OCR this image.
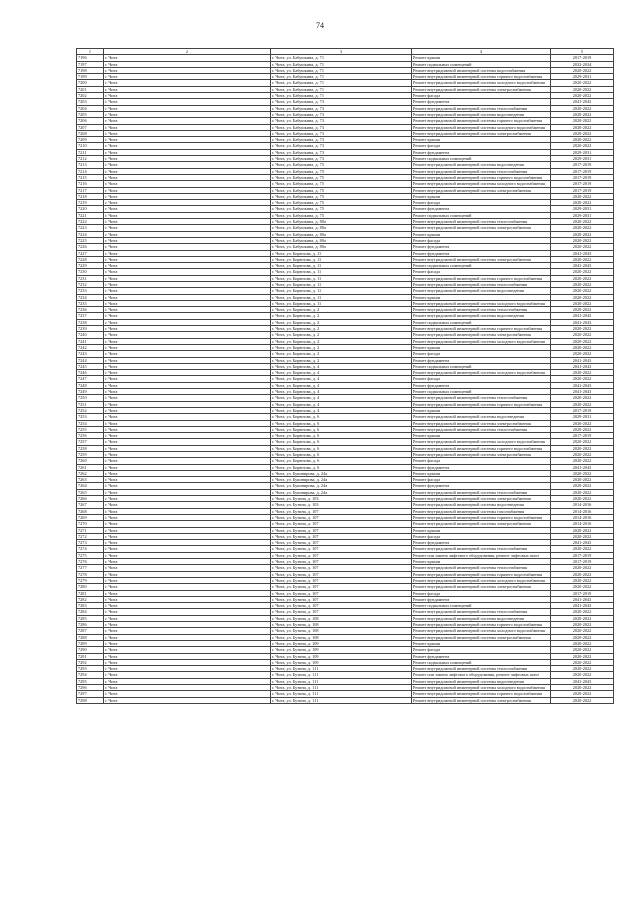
74
1	2	3	4	5
7196	г. Чита	г. Чита, ул. Бабушкина, д. 71	Ремонт крыши	2017-2019
7197	г. Чита	г. Чита, ул. Бабушкина, д. 71	Ремонт подвальных помещений	2032-2034
7198	г. Чита	г. Чита, ул. Бабушкина, д. 71	Ремонт внутридомовой инженерной системы водоснабжения	2020-2022
7199	г. Чита	г. Чита, ул. Бабушкина, д. 71	Ремонт внутридомовой инженерной системы горячего водоснабжения	2029-2031
7200	г. Чита	г. Чита, ул. Бабушкина, д. 71	Ремонт внутридомовой инженерной системы холодного водоснабжения	2020-2022
7201	г. Чита	г. Чита, ул. Бабушкина, д. 71	Ремонт внутридомовой инженерной системы электроснабжения	2020-2022
7202	г. Чита	г. Чита, ул. Бабушкина, д. 71	Ремонт фасада	2020-2022
7203	г. Чита	г. Чита, ул. Бабушкина, д. 73	Ремонт фундамента	2041-2043
7204	г. Чита	г. Чита, ул. Бабушкина, д. 73	Ремонт внутридомовой инженерной системы теплоснабжения	2020-2022
7205	г. Чита	г. Чита, ул. Бабушкина, д. 73	Ремонт внутридомовой инженерной системы водоотведения	2020-2022
7206	г. Чита	г. Чита, ул. Бабушкина, д. 73	Ремонт внутридомовой инженерной системы горячего водоснабжения	2020-2022
7207	г. Чита	г. Чита, ул. Бабушкина, д. 73	Ремонт внутридомовой инженерной системы холодного водоснабжения	2020-2022
7208	г. Чита	г. Чита, ул. Бабушкина, д. 73	Ремонт внутридомовой инженерной системы электроснабжения	2020-2022
7209	г. Чита	г. Чита, ул. Бабушкина, д. 73	Ремонт крыши	2020-2022
7210	г. Чита	г. Чита, ул. Бабушкина, д. 73	Ремонт фасада	2020-2022
7211	г. Чита	г. Чита, ул. Бабушкина, д. 73	Ремонт фундамента	2029-2031
7212	г. Чита	г. Чита, ул. Бабушкина, д. 73	Ремонт подвальных помещений	2029-2031
7213	г. Чита	г. Чита, ул. Бабушкина, д. 75	Ремонт внутридомовой инженерной системы водоотведения	2017-2019
7214	г. Чита	г. Чита, ул. Бабушкина, д. 75	Ремонт внутридомовой инженерной системы теплоснабжения	2017-2019
7215	г. Чита	г. Чита, ул. Бабушкина, д. 75	Ремонт внутридомовой инженерной системы горячего водоснабжения	2017-2019
7216	г. Чита	г. Чита, ул. Бабушкина, д. 75	Ремонт внутридомовой инженерной системы холодного водоснабжения	2017-2019
7217	г. Чита	г. Чита, ул. Бабушкина, д. 75	Ремонт внутридомовой инженерной системы электроснабжения	2017-2019
7218	г. Чита	г. Чита, ул. Бабушкина, д. 75	Ремонт крыши	2020-2022
7219	г. Чита	г. Чита, ул. Бабушкина, д. 75	Ремонт фасада	2020-2022
7220	г. Чита	г. Чита, ул. Бабушкина, д. 75	Ремонт фундамента	2029-2031
7221	г. Чита	г. Чита, ул. Бабушкина, д. 75	Ремонт подвальных помещений	2029-2031
7222	г. Чита	г. Чита, ул. Бабушкина, д. 80а	Ремонт внутридомовой инженерной системы теплоснабжения	2020-2022
7223	г. Чита	г. Чита, ул. Бабушкина, д. 80а	Ремонт внутридомовой инженерной системы электроснабжения	2020-2022
7224	г. Чита	г. Чита, ул. Бабушкина, д. 80а	Ремонт крыши	2020-2022
7225	г. Чита	г. Чита, ул. Бабушкина, д. 80а	Ремонт фасада	2020-2022
7226	г. Чита	г. Чита, ул. Бабушкина, д. 80а	Ремонт фундамента	2020-2022
7227	г. Чита	г. Чита, ул. Бирюзова, д. 11	Ремонт фундамента	2041-2043
7228	г. Чита	г. Чита, ул. Бирюзова, д. 11	Ремонт внутридомовой инженерной системы электроснабжения	2020-2022
7229	г. Чита	г. Чита, ул. Бирюзова, д. 11	Ремонт подвальных помещений	2041-2043
7230	г. Чита	г. Чита, ул. Бирюзова, д. 11	Ремонт фасада	2020-2022
7231	г. Чита	г. Чита, ул. Бирюзова, д. 11	Ремонт внутридомовой инженерной системы горячего водоснабжения	2020-2022
7232	г. Чита	г. Чита, ул. Бирюзова, д. 11	Ремонт внутридомовой инженерной системы теплоснабжения	2020-2022
7233	г. Чита	г. Чита, ул. Бирюзова, д. 11	Ремонт внутридомовой инженерной системы водоотведения	2020-2022
7234	г. Чита	г. Чита, ул. Бирюзова, д. 11	Ремонт крыши	2020-2022
7235	г. Чита	г. Чита, ул. Бирюзова, д. 11	Ремонт внутридомовой инженерной системы холодного водоснабжения	2020-2022
7236	г. Чита	г. Чита, ул. Бирюзова, д. 2	Ремонт внутридомовой инженерной системы теплоснабжения	2020-2022
7237	г. Чита	г. Чита, ул. Бирюзова, д. 2	Ремонт внутридомовой инженерной системы водоотведения	2041-2043
7238	г. Чита	г. Чита, ул. Бирюзова, д. 2	Ремонт подвальных помещений	2041-2043
7239	г. Чита	г. Чита, ул. Бирюзова, д. 2	Ремонт внутридомовой инженерной системы горячего водоснабжения	2020-2022
7240	г. Чита	г. Чита, ул. Бирюзова, д. 2	Ремонт внутридомовой инженерной системы электроснабжения	2020-2022
7241	г. Чита	г. Чита, ул. Бирюзова, д. 2	Ремонт внутридомовой инженерной системы холодного водоснабжения	2020-2022
7242	г. Чита	г. Чита, ул. Бирюзова, д. 2	Ремонт крыши	2020-2022
7243	г. Чита	г. Чита, ул. Бирюзова, д. 2	Ремонт фасада	2020-2022
7244	г. Чита	г. Чита, ул. Бирюзова, д. 2	Ремонт фундамента	2041-2043
7245	г. Чита	г. Чита, ул. Бирюзова, д. 4	Ремонт подвальных помещений	2041-2043
7246	г. Чита	г. Чита, ул. Бирюзова, д. 4	Ремонт внутридомовой инженерной системы холодного водоснабжения	2020-2022
7247	г. Чита	г. Чита, ул. Бирюзова, д. 4	Ремонт фасада	2020-2022
7248	г. Чита	г. Чита, ул. Бирюзова, д. 4	Ремонт фундамента	2041-2043
7249	г. Чита	г. Чита, ул. Бирюзова, д. 4	Ремонт подвальных помещений	2041-2043
7250	г. Чита	г. Чита, ул. Бирюзова, д. 4	Ремонт внутридомовой инженерной системы теплоснабжения	2020-2022
7251	г. Чита	г. Чита, ул. Бирюзова, д. 4	Ремонт внутридомовой инженерной системы горячего водоснабжения	2020-2022
7252	г. Чита	г. Чита, ул. Бирюзова, д. 4	Ремонт крыши	2017-2019
7253	г. Чита	г. Чита, ул. Бирюзова, д. 6	Ремонт внутридомовой инженерной системы водоотведения	2029-2031
7254	г. Чита	г. Чита, ул. Бирюзова, д. 6	Ремонт внутридомовой инженерной системы электроснабжения	2020-2022
7255	г. Чита	г. Чита, ул. Бирюзова, д. 6	Ремонт внутридомовой инженерной системы теплоснабжения	2020-2022
7256	г. Чита	г. Чита, ул. Бирюзова, д. 6	Ремонт крыши	2017-2019
7257	г. Чита	г. Чита, ул. Бирюзова, д. 6	Ремонт внутридомовой инженерной системы холодного водоснабжения	2020-2022
7258	г. Чита	г. Чита, ул. Бирюзова, д. 6	Ремонт внутридомовой инженерной системы горячего водоснабжения	2020-2022
7259	г. Чита	г. Чита, ул. Бирюзова, д. 6	Ремонт внутридомовой инженерной системы электроснабжения	2020-2022
7260	г. Чита	г. Чита, ул. Бирюзова, д. 6	Ремонт фасада	2020-2022
7261	г. Чита	г. Чита, ул. Бирюзова, д. 6	Ремонт фундамента	2041-2043
7262	г. Чита	г. Чита, ул. Букинирова, д. 24а	Ремонт крыши	2020-2022
7263	г. Чита	г. Чита, ул. Букинирова, д. 24а	Ремонт фасада	2020-2022
7264	г. Чита	г. Чита, ул. Букинирова, д. 24а	Ремонт фундамента	2020-2022
7265	г. Чита	г. Чита, ул. Букинирова, д. 24а	Ремонт внутридомовой инженерной системы теплоснабжения	2020-2022
7266	г. Чита	г. Чита, ул. Бутина, д. 103	Ремонт внутридомовой инженерной системы электроснабжения	2020-2022
7267	г. Чита	г. Чита, ул. Бутина, д. 103	Ремонт внутридомовой инженерной системы водоотведения	2014-2016
7268	г. Чита	г. Чита, ул. Бутина, д. 107	Ремонт внутридомовой инженерной системы газоснабжения	2014-2016
7269	г. Чита	г. Чита, ул. Бутина, д. 107	Ремонт внутридомовой инженерной системы горячего водоснабжения	2014-2016
7270	г. Чита	г. Чита, ул. Бутина, д. 107	Ремонт внутридомовой инженерной системы электроснабжения	2014-2016
7271	г. Чита	г. Чита, ул. Бутина, д. 107	Ремонт крыши	2020-2022
7272	г. Чита	г. Чита, ул. Бутина, д. 107	Ремонт фасада	2020-2022
7273	г. Чита	г. Чита, ул. Бутина, д. 107	Ремонт фундамента	2041-2043
7274	г. Чита	г. Чита, ул. Бутина, д. 107	Ремонт внутридомовой инженерной системы теплоснабжения	2020-2022
7275	г. Чита	г. Чита, ул. Бутина, д. 107	Ремонт или замена лифтового оборудования, ремонт лифтовых шахт	2017-2019
7276	г. Чита	г. Чита, ул. Бутина, д. 107	Ремонт крыши	2017-2019
7277	г. Чита	г. Чита, ул. Бутина, д. 107	Ремонт внутридомовой инженерной системы теплоснабжения	2020-2022
7278	г. Чита	г. Чита, ул. Бутина, д. 107	Ремонт внутридомовой инженерной системы горячего водоснабжения	2020-2022
7279	г. Чита	г. Чита, ул. Бутина, д. 107	Ремонт внутридомовой инженерной системы холодного водоснабжения	2020-2022
7280	г. Чита	г. Чита, ул. Бутина, д. 107	Ремонт внутридомовой инженерной системы электроснабжения	2020-2022
7281	г. Чита	г. Чита, ул. Бутина, д. 107	Ремонт фасада	2017-2019
7282	г. Чита	г. Чита, ул. Бутина, д. 107	Ремонт фундамента	2041-2043
7283	г. Чита	г. Чита, ул. Бутина, д. 107	Ремонт подвальных помещений	2041-2043
7284	г. Чита	г. Чита, ул. Бутина, д. 107	Ремонт внутридомовой инженерной системы теплоснабжения	2020-2022
7285	г. Чита	г. Чита, ул. Бутина, д. 108	Ремонт внутридомовой инженерной системы водоотведения	2020-2022
7286	г. Чита	г. Чита, ул. Бутина, д. 108	Ремонт внутридомовой инженерной системы горячего водоснабжения	2020-2022
7287	г. Чита	г. Чита, ул. Бутина, д. 108	Ремонт внутридомовой инженерной системы холодного водоснабжения	2020-2022
7288	г. Чита	г. Чита, ул. Бутина, д. 108	Ремонт внутридомовой инженерной системы электроснабжения	2020-2022
7289	г. Чита	г. Чита, ул. Бутина, д. 109	Ремонт крыши	2020-2022
7290	г. Чита	г. Чита, ул. Бутина, д. 109	Ремонт фасада	2020-2022
7291	г. Чита	г. Чита, ул. Бутина, д. 109	Ремонт фундамента	2020-2022
7292	г. Чита	г. Чита, ул. Бутина, д. 109	Ремонт подвальных помещений	2020-2022
7293	г. Чита	г. Чита, ул. Бутина, д. 111	Ремонт внутридомовой инженерной системы теплоснабжения	2020-2022
7294	г. Чита	г. Чита, ул. Бутина, д. 111	Ремонт или замена лифтового оборудования, ремонт лифтовых шахт	2020-2022
7295	г. Чита	г. Чита, ул. Бутина, д. 111	Ремонт внутридомовой инженерной системы водоотведения	2041-2043
7296	г. Чита	г. Чита, ул. Бутина, д. 111	Ремонт внутридомовой инженерной системы холодного водоснабжения	2020-2022
7297	г. Чита	г. Чита, ул. Бутина, д. 111	Ремонт внутридомовой инженерной системы горячего водоснабжения	2020-2022
7298	г. Чита	г. Чита, ул. Бутина, д. 111	Ремонт внутридомовой инженерной системы электроснабжения	2020-2022
